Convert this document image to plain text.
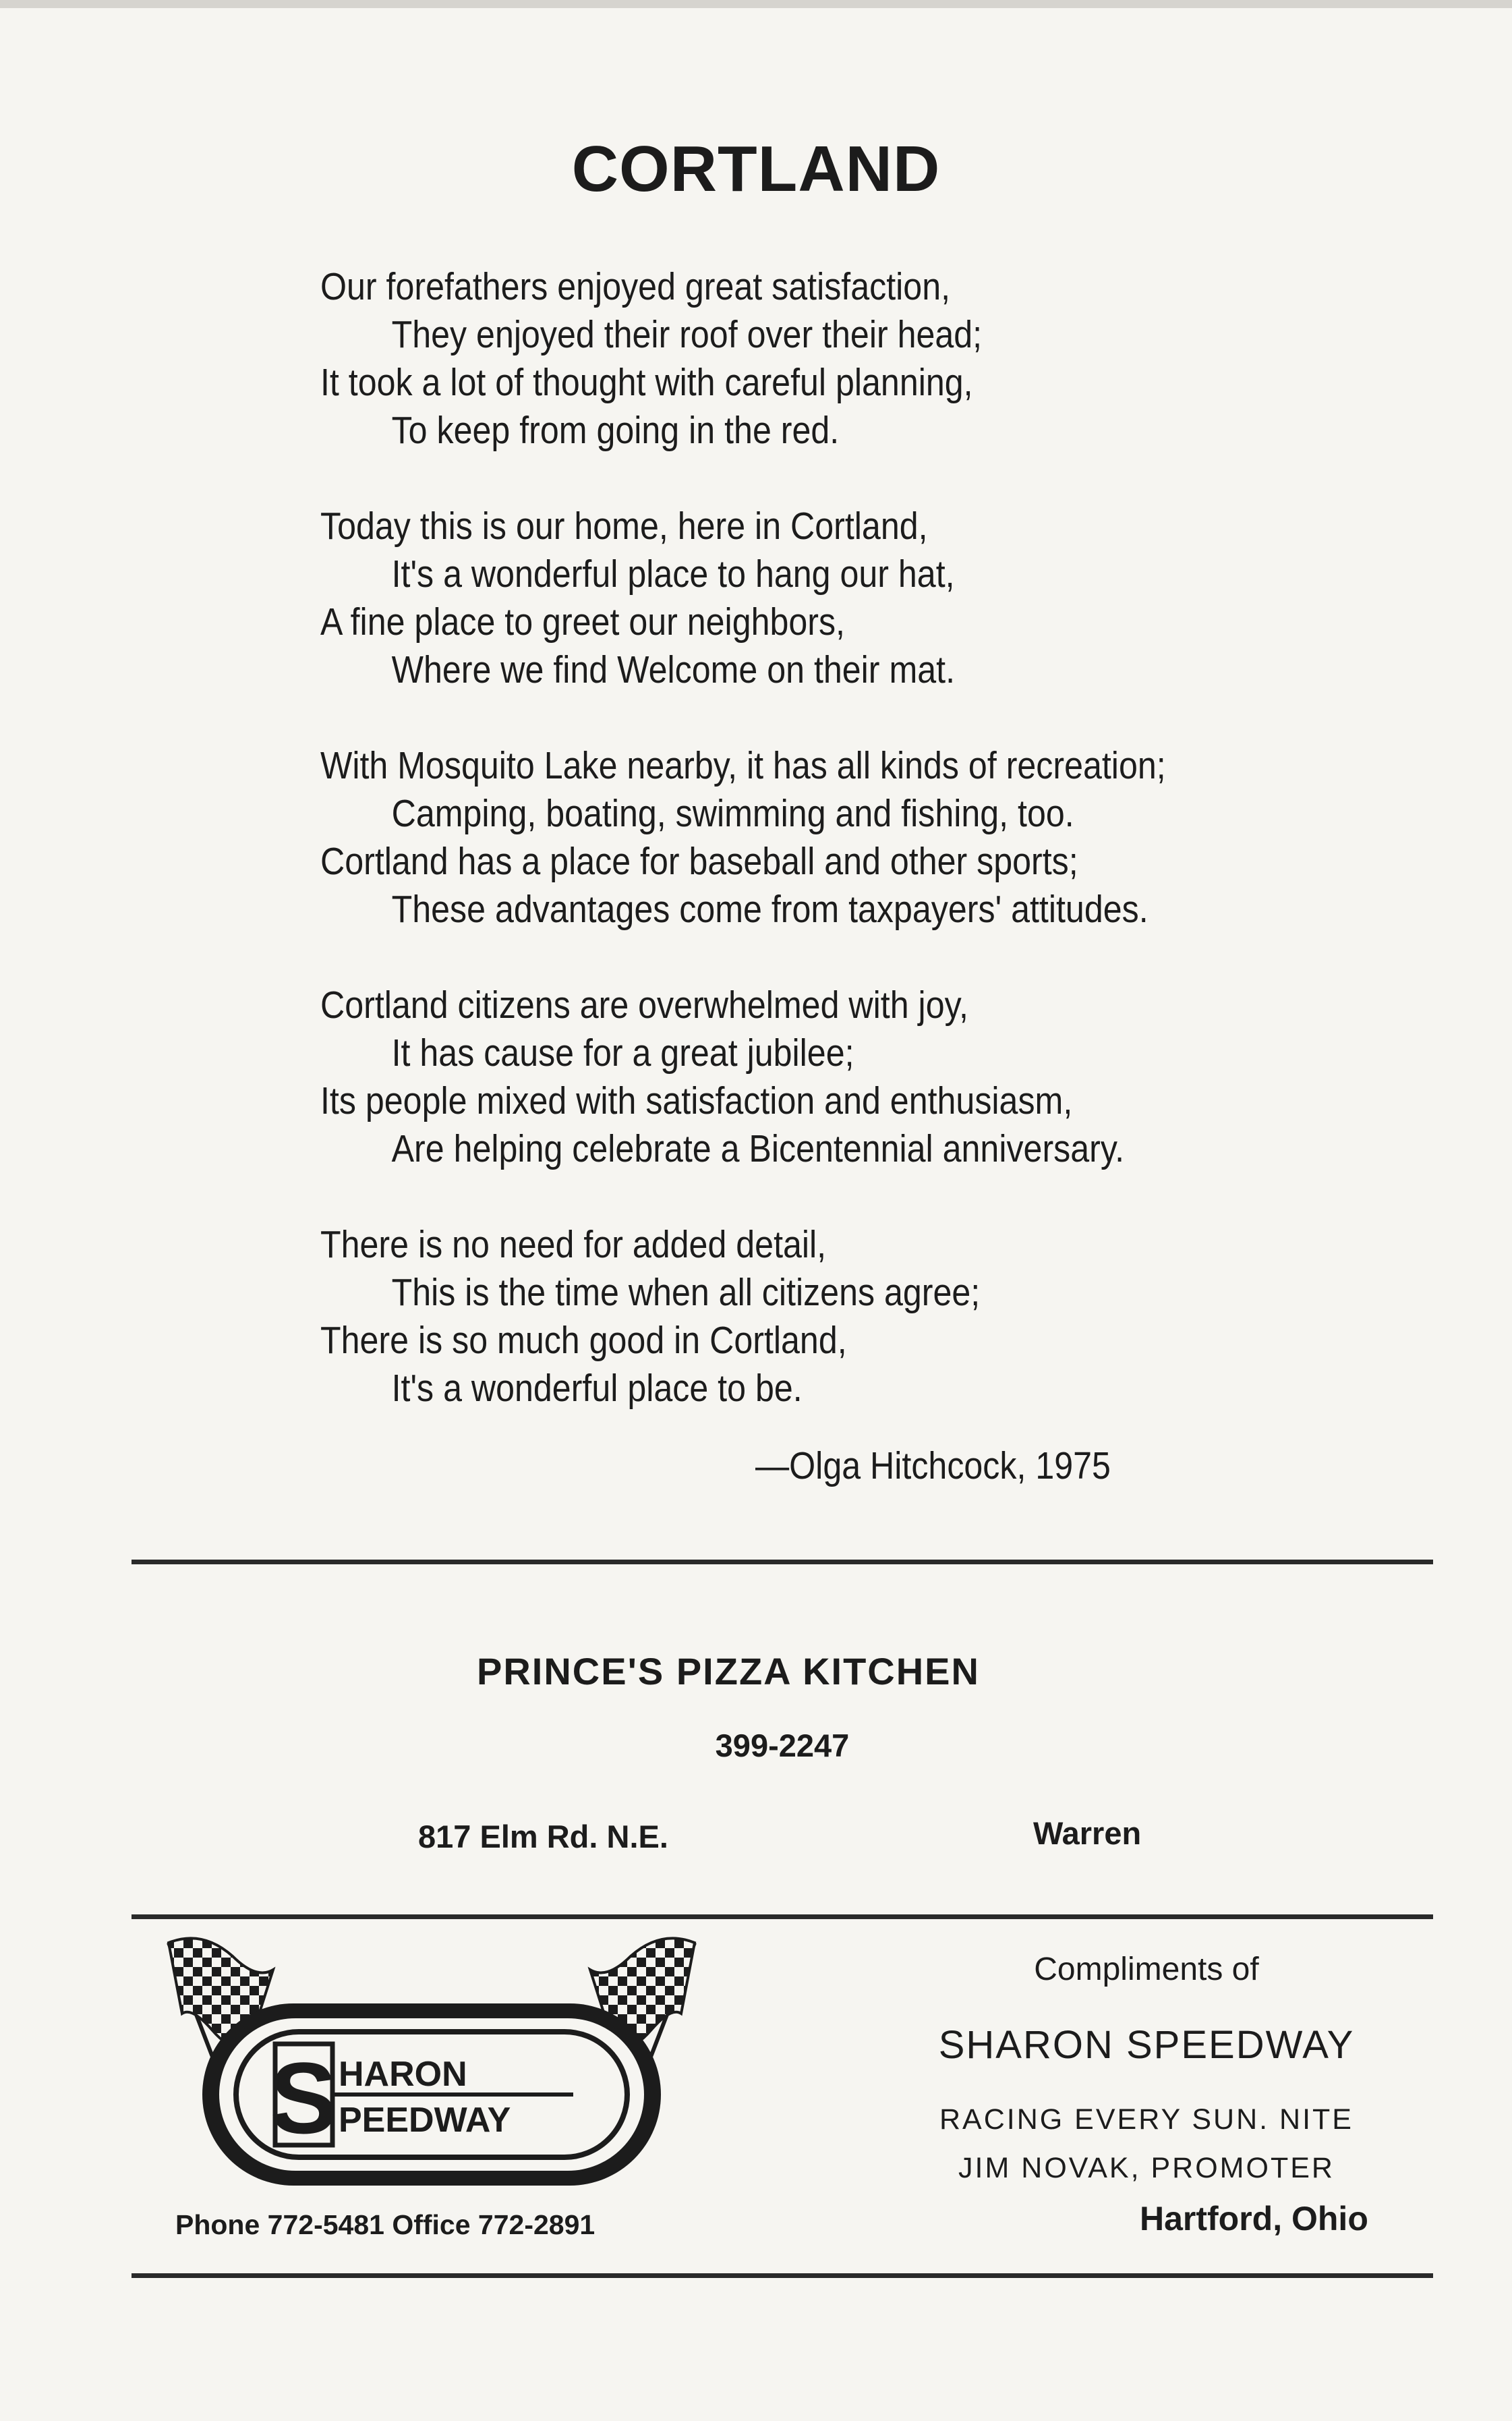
CORTLAND
Our forefathers enjoyed great satisfaction,
They enjoyed their roof over their head;
It took a lot of thought with careful planning,
To keep from going in the red.
Today this is our home, here in Cortland,
It's a wonderful place to hang our hat,
A fine place to greet our neighbors,
Where we find Welcome on their mat.
With Mosquito Lake nearby, it has all kinds of recreation;
Camping, boating, swimming and fishing, too.
Cortland has a place for baseball and other sports;
These advantages come from taxpayers' attitudes.
Cortland citizens are overwhelmed with joy,
It has cause for a great jubilee;
Its people mixed with satisfaction and enthusiasm,
Are helping celebrate a Bicentennial anniversary.
There is no need for added detail,
This is the time when all citizens agree;
There is so much good in Cortland,
It's a wonderful place to be.
—Olga Hitchcock, 1975
PRINCE'S PIZZA KITCHEN
399-2247
817 Elm Rd. N.E.	Warren
S HARON
PEEDWAY
Phone 772-5481 Office 772-2891
Compliments of
SHARON SPEEDWAY
RACING EVERY SUN. NITE
JIM NOVAK, PROMOTER
Hartford, Ohio
